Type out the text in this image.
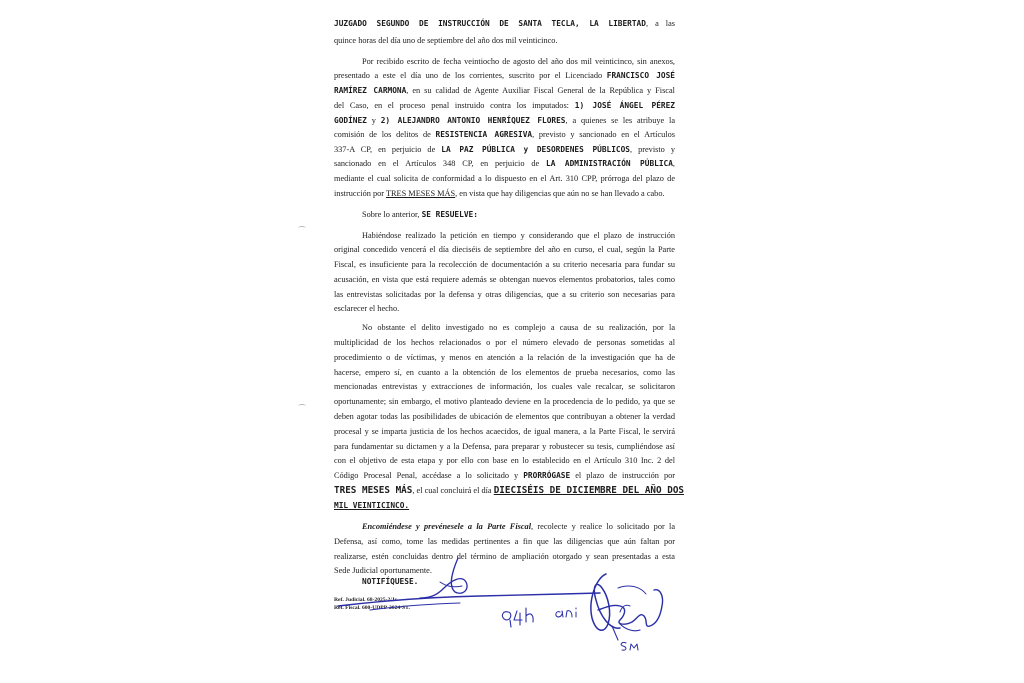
JUZGADO SEGUNDO DE INSTRUCCIÓN DE SANTA TECLA, LA LIBERTAD, a las
quince horas del día uno de septiembre del año dos mil veinticinco.
Por recibido escrito de fecha veintiocho de agosto del año dos mil veinticinco, sin anexos,
presentado a este el día uno de los corrientes, suscrito por el Licenciado FRANCISCO JOSÉ
RAMÍREZ CARMONA, en su calidad de Agente Auxiliar Fiscal General de la República y Fiscal
del Caso, en el proceso penal instruido contra los imputados: 1) JOSÉ ÁNGEL PÉREZ
GODÍNEZ y 2) ALEJANDRO ANTONIO HENRÍQUEZ FLORES, a quienes se les atribuye la
comisión de los delitos de RESISTENCIA AGRESIVA, previsto y sancionado en el Artículos
337-A CP, en perjuicio de LA PAZ PÚBLICA y DESORDENES PÚBLICOS, previsto y
sancionado en el Artículos 348 CP, en perjuicio de LA ADMINISTRACIÓN PÚBLICA,
mediante el cual solicita de conformidad a lo dispuesto en el Art. 310 CPP, prórroga del plazo de
instrucción por TRES MESES MÁS, en vista que hay diligencias que aún no se han llevado a cabo.
Sobre lo anterior, SE RESUELVE:
Habiéndose realizado la petición en tiempo y considerando que el plazo de instrucción
original concedido vencerá el día dieciséis de septiembre del año en curso, el cual, según la Parte
Fiscal, es insuficiente para la recolección de documentación a su criterio necesaria para fundar su
acusación, en vista que está requiere además se obtengan nuevos elementos probatorios, tales como
las entrevistas solicitadas por la defensa y otras diligencias, que a su criterio son necesarias para
esclarecer el hecho.
No obstante el delito investigado no es complejo a causa de su realización, por la
multiplicidad de los hechos relacionados o por el número elevado de personas sometidas al
procedimiento o de víctimas, y menos en atención a la relación de la investigación que ha de
hacerse, empero sí, en cuanto a la obtención de los elementos de prueba necesarios, como las
mencionadas entrevistas y extracciones de información, los cuales vale recalcar, se solicitaron
oportunamente; sin embargo, el motivo planteado deviene en la procedencia de lo pedido, ya que se
deben agotar todas las posibilidades de ubicación de elementos que contribuyan a obtener la verdad
procesal y se imparta justicia de los hechos acaecidos, de igual manera, a la Parte Fiscal, le servirá
para fundamentar su dictamen y a la Defensa, para preparar y robustecer su tesis, cumpliéndose así
con el objetivo de esta etapa y por ello con base en lo establecido en el Artículo 310 Inc. 2 del
Código Procesal Penal, accédase a lo solicitado y PRORRÓGASE el plazo de instrucción por
TRES MESES MÁS, el cual concluirá el día DIECISÉIS DE DICIEMBRE DEL AÑO DOS
MIL VEINTICINCO.
Encomiéndese y prevénesele a la Parte Fiscal, recolecte y realice lo solicitado por la
Defensa, así como, tome las medidas pertinentes a fin que las diligencias que aún faltan por
realizarse, estén concluidas dentro del término de ampliación otorgado y sean presentadas a esta
Sede Judicial oportunamente.
NOTIFÍQUESE.
Ref. Judicial. 68-2025-2/Jc
Ref. Fiscal. 600-UDPP-2024-ST.
